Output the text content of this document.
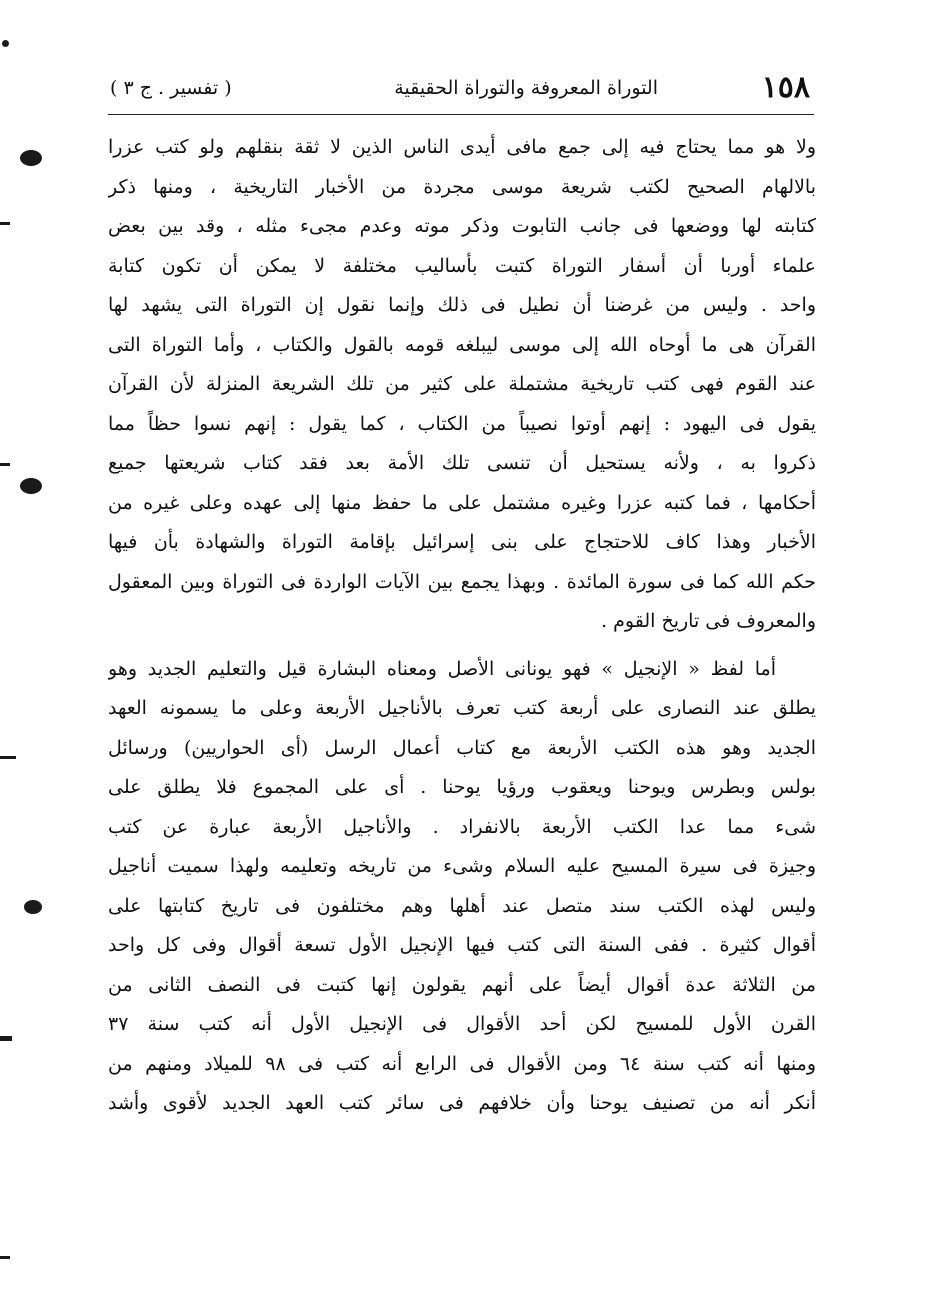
١٥٨
التوراة المعروفة والتوراة الحقيقية
( تفسير . ج ٣ )
ولا هو مما يحتاج فيه إلى جمع مافى أيدى الناس الذين لا ثقة بنقلهم ولو كتب عزرا
بالالهام الصحيح لكتب شريعة موسى مجردة من الأخبار التاريخية ، ومنها ذكر
كتابته لها ووضعها فى جانب التابوت وذكر موته وعدم مجىء مثله ، وقد بين بعض
علماء أوربا أن أسفار التوراة كتبت بأساليب مختلفة لا يمكن أن تكون كتابة
واحد . وليس من غرضنا أن نطيل فى ذلك وإنما نقول إن التوراة التى يشهد لها
القرآن هى ما أوحاه الله إلى موسى ليبلغه قومه بالقول والكتاب ، وأما التوراة التى
عند القوم فهى كتب تاريخية مشتملة على كثير من تلك الشريعة المنزلة لأن القرآن
يقول فى اليهود : إنهم أوتوا نصيباً من الكتاب ، كما يقول : إنهم نسوا حظاً مما
ذكروا به ، ولأنه يستحيل أن تنسى تلك الأمة بعد فقد كتاب شريعتها جميع
أحكامها ، فما كتبه عزرا وغيره مشتمل على ما حفظ منها إلى عهده وعلى غيره من
الأخبار وهذا كاف للاحتجاج على بنى إسرائيل بإقامة التوراة والشهادة بأن فيها
حكم الله كما فى سورة المائدة . وبهذا يجمع بين الآيات الواردة فى التوراة وبين المعقول
والمعروف فى تاريخ القوم .
أما لفظ « الإنجيل » فهو يونانى الأصل ومعناه البشارة قيل والتعليم الجديد وهو
يطلق عند النصارى على أربعة كتب تعرف بالأناجيل الأربعة وعلى ما يسمونه العهد
الجديد وهو هذه الكتب الأربعة مع كتاب أعمال الرسل (أى الحواريين) ورسائل
بولس وبطرس ويوحنا ويعقوب ورؤيا يوحنا . أى على المجموع فلا يطلق على
شىء مما عدا الكتب الأربعة بالانفراد . والأناجيل الأربعة عبارة عن كتب
وجيزة فى سيرة المسيح عليه السلام وشىء من تاريخه وتعليمه ولهذا سميت أناجيل
وليس لهذه الكتب سند متصل عند أهلها وهم مختلفون فى تاريخ كتابتها على
أقوال كثيرة . ففى السنة التى كتب فيها الإنجيل الأول تسعة أقوال وفى كل واحد
من الثلاثة عدة أقوال أيضاً على أنهم يقولون إنها كتبت فى النصف الثانى من
القرن الأول للمسيح لكن أحد الأقوال فى الإنجيل الأول أنه كتب سنة ٣٧
ومنها أنه كتب سنة ٦٤ ومن الأقوال فى الرابع أنه كتب فى ٩٨ للميلاد ومنهم من
أنكر أنه من تصنيف يوحنا وأن خلافهم فى سائر كتب العهد الجديد لأقوى وأشد
